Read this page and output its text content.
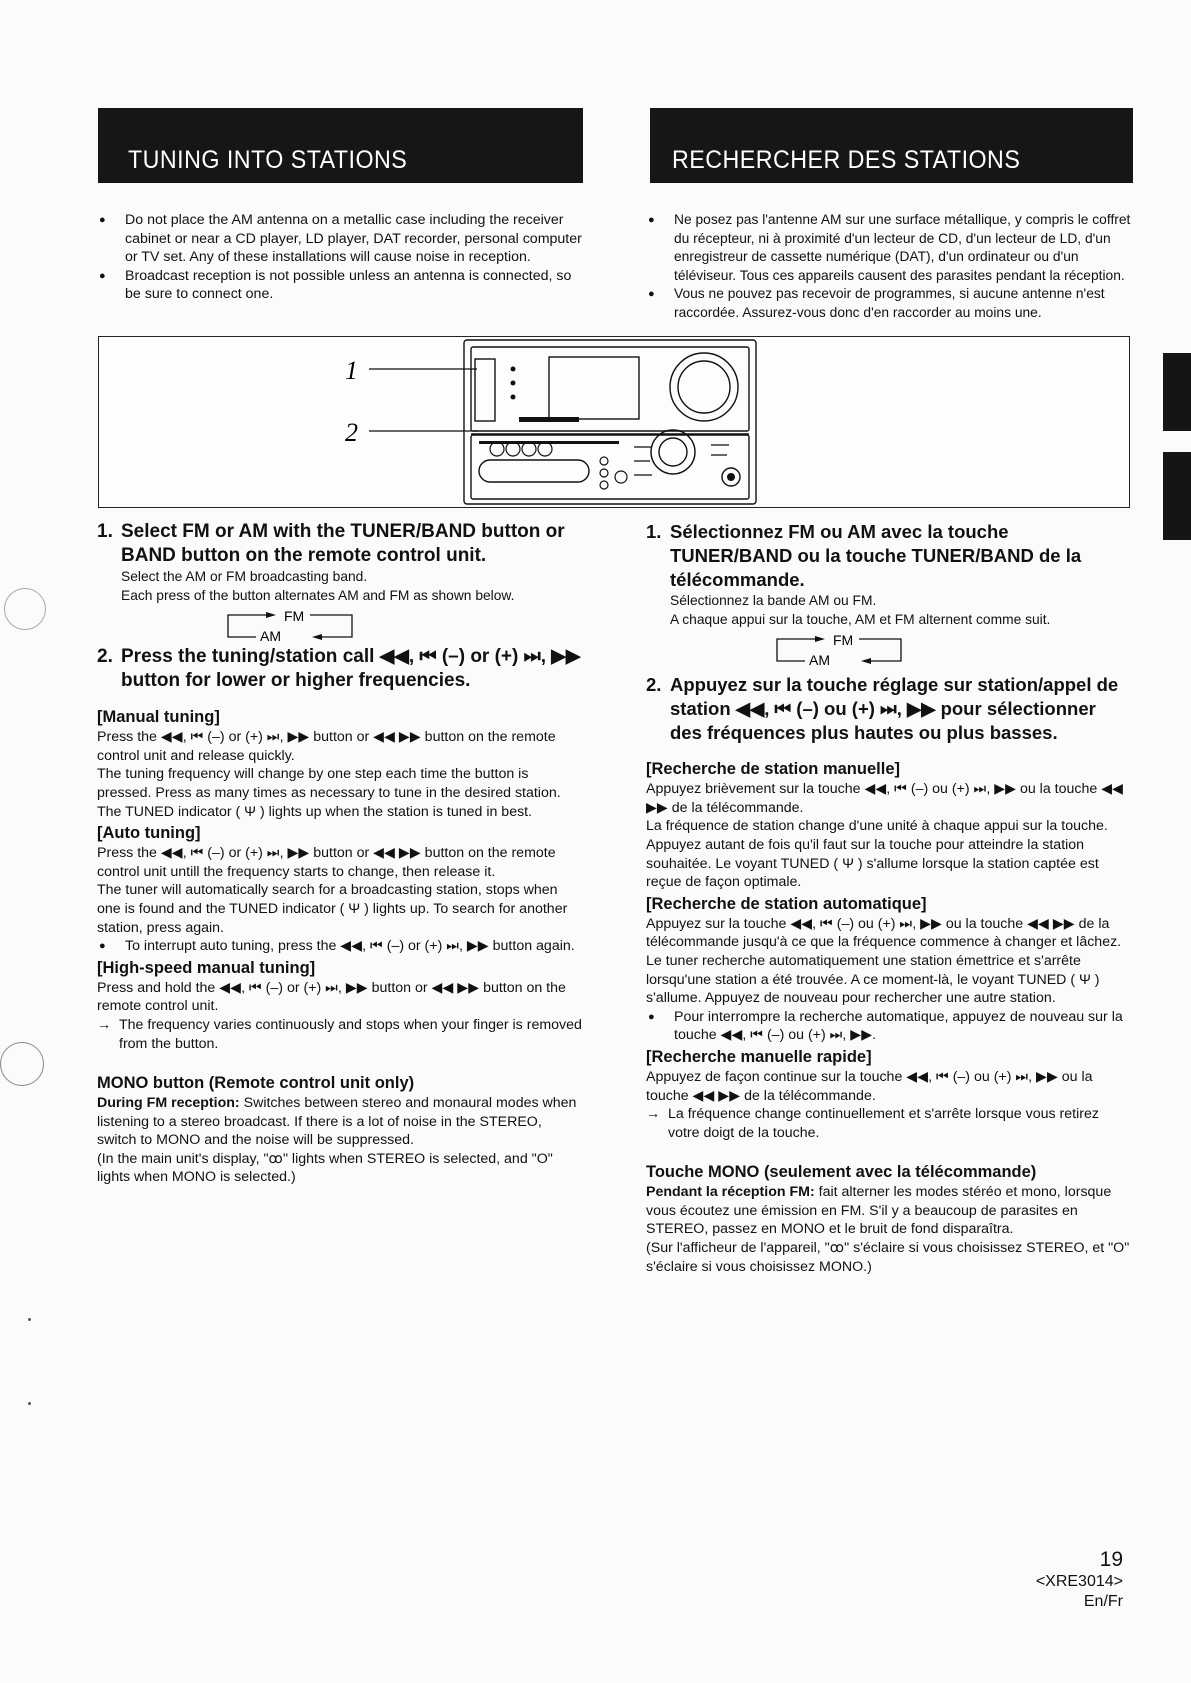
TUNING INTO STATIONS	RECHERCHER DES STATIONS
● Do not place the AM antenna on a metallic case including the receiver cabinet or near a CD player, LD player, DAT recorder, personal computer or TV set. Any of these installations will cause noise in reception.
● Broadcast reception is not possible unless an antenna is connected, so be sure to connect one.
● Ne posez pas l'antenne AM sur une surface métallique, y compris le coffret du récepteur, ni à proximité d'un lecteur de CD, d'un lecteur de LD, d'un enregistreur de cassette numérique (DAT), d'un ordinateur ou d'un téléviseur. Tous ces appareils causent des parasites pendant la réception.
● Vous ne pouvez pas recevoir de programmes, si aucune antenne n'est raccordée. Assurez-vous donc d'en raccorder au moins une.
1
2
1. Select FM or AM with the TUNER/BAND button or BAND button on the remote control unit.
Select the AM or FM broadcasting band.
Each press of the button alternates AM and FM as shown below.
FM
AM
2. Press the tuning/station call ◀◀, ⏮ (–) or (+) ⏭, ▶▶ button for lower or higher frequencies.
[Manual tuning]
Press the ◀◀, ⏮ (–) or (+) ⏭, ▶▶ button or ◀◀ ▶▶ button on the remote control unit and release quickly.
The tuning frequency will change by one step each time the button is pressed. Press as many times as necessary to tune in the desired station. The TUNED indicator ( Ψ ) lights up when the station is tuned in best.
[Auto tuning]
Press the ◀◀, ⏮ (–) or (+) ⏭, ▶▶ button or ◀◀ ▶▶ button on the remote control unit untill the frequency starts to change, then release it.
The tuner will automatically search for a broadcasting station, stops when one is found and the TUNED indicator ( Ψ ) lights up. To search for another station, press again.
● To interrupt auto tuning, press the ◀◀, ⏮ (–) or (+) ⏭, ▶▶ button again.
[High-speed manual tuning]
Press and hold the ◀◀, ⏮ (–) or (+) ⏭, ▶▶ button or ◀◀ ▶▶ button on the remote control unit.
→ The frequency varies continuously and stops when your finger is removed from the button.
MONO button (Remote control unit only)
During FM reception: Switches between stereo and monaural modes when listening to a stereo broadcast. If there is a lot of noise in the STEREO, switch to MONO and the noise will be suppressed.
(In the main unit's display, "ꝏ" lights when STEREO is selected, and "O" lights when MONO is selected.)
1. Sélectionnez FM ou AM avec la touche TUNER/BAND ou la touche TUNER/BAND de la télécommande.
Sélectionnez la bande AM ou FM.
A chaque appui sur la touche, AM et FM alternent comme suit.
FM
AM
2. Appuyez sur la touche réglage sur station/appel de station ◀◀, ⏮ (–) ou (+) ⏭, ▶▶ pour sélectionner des fréquences plus hautes ou plus basses.
[Recherche de station manuelle]
Appuyez brièvement sur la touche ◀◀, ⏮ (–) ou (+) ⏭, ▶▶ ou la touche ◀◀ ▶▶ de la télécommande.
La fréquence de station change d'une unité à chaque appui sur la touche. Appuyez autant de fois qu'il faut sur la touche pour atteindre la station souhaitée. Le voyant TUNED ( Ψ ) s'allume lorsque la station captée est reçue de façon optimale.
[Recherche de station automatique]
Appuyez sur la touche ◀◀, ⏮ (–) ou (+) ⏭, ▶▶ ou la touche ◀◀ ▶▶ de la télécommande jusqu'à ce que la fréquence commence à changer et lâchez.
Le tuner recherche automatiquement une station émettrice et s'arrête lorsqu'une station a été trouvée. A ce moment-là, le voyant TUNED ( Ψ ) s'allume. Appuyez de nouveau pour rechercher une autre station.
● Pour interrompre la recherche automatique, appuyez de nouveau sur la touche ◀◀, ⏮ (–) ou (+) ⏭, ▶▶.
[Recherche manuelle rapide]
Appuyez de façon continue sur la touche ◀◀, ⏮ (–) ou (+) ⏭, ▶▶ ou la touche ◀◀ ▶▶ de la télécommande.
→ La fréquence change continuellement et s'arrête lorsque vous retirez votre doigt de la touche.
Touche MONO (seulement avec la télécommande)
Pendant la réception FM: fait alterner les modes stéréo et mono, lorsque vous écoutez une émission en FM. S'il y a beaucoup de parasites en STEREO, passez en MONO et le bruit de fond disparaîtra.
(Sur l'afficheur de l'appareil, "ꝏ" s'éclaire si vous choisissez STEREO, et "O" s'éclaire si vous choisissez MONO.)
19
<XRE3014>
En/Fr
